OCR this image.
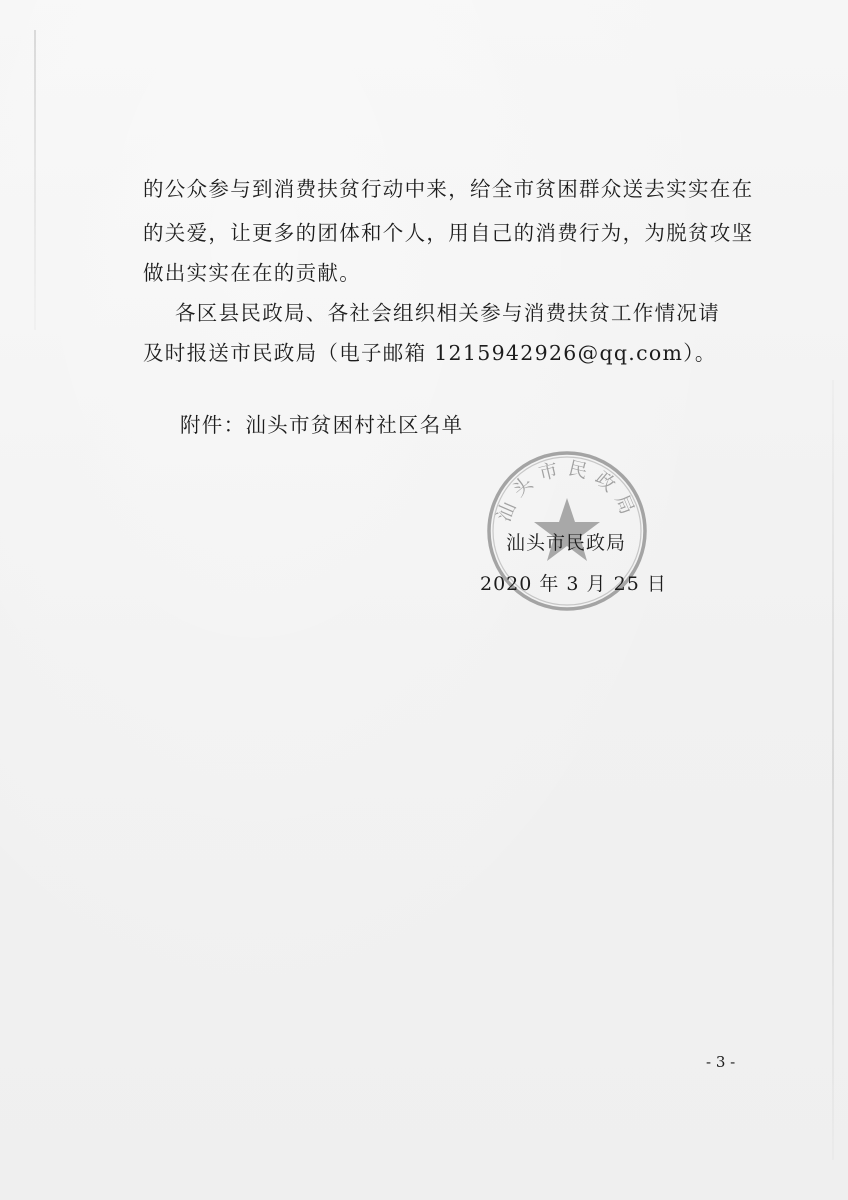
的公众参与到消费扶贫行动中来，给全市贫困群众送去实实在在
的关爱，让更多的团体和个人，用自己的消费行为，为脱贫攻坚
做出实实在在的贡献。
各区县民政局、各社会组织相关参与消费扶贫工作情况请
及时报送市民政局（电子邮箱 1215942926@qq.com）。
附件：汕头市贫困村社区名单
汕头市民政局
汕头市民政局
2020 年 3 月 25 日
- 3 -
